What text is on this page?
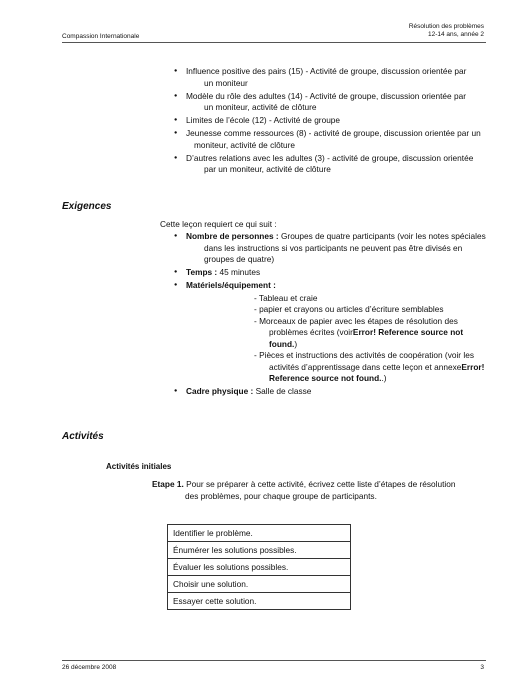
Compassion Internationale
Résolution des problèmes
12-14 ans, année 2
● Influence positive des pairs (15) - Activité de groupe, discussion orientée par
un moniteur
● Modèle du rôle des adultes (14) - Activité de groupe, discussion orientée par
un moniteur, activité de clôture
● Limites de l’école (12) - Activité de groupe
● Jeunesse comme ressources (8) - activité de groupe, discussion orientée par un
moniteur, activité de clôture
● D’autres relations avec les adultes (3) - activité de groupe, discussion orientée
par un moniteur, activité de clôture
Exigences
Cette leçon requiert ce qui suit :
● Nombre de personnes : Groupes de quatre participants (voir les notes spéciales
dans les instructions si vos participants ne peuvent pas être divisés en
groupes de quatre)
● Temps : 45 minutes
● Matériels/équipement :
- Tableau et craie
- papier et crayons ou articles d’écriture semblables
- Morceaux de papier avec les étapes de résolution des
problèmes écrites (voirError! Reference source not
found.)
- Pièces et instructions des activités de coopération (voir les
activités d’apprentissage dans cette leçon et annexeError!
Reference source not found..)
● Cadre physique : Salle de classe
Activités
Activités initiales
Etape 1. Pour se préparer à cette activité, écrivez cette liste d’étapes de résolution
des problèmes, pour chaque groupe de participants.
Identifier le problème.
Énumérer les solutions possibles.
Évaluer les solutions possibles.
Choisir une solution.
Essayer cette solution.
26 décembre 2008	3
